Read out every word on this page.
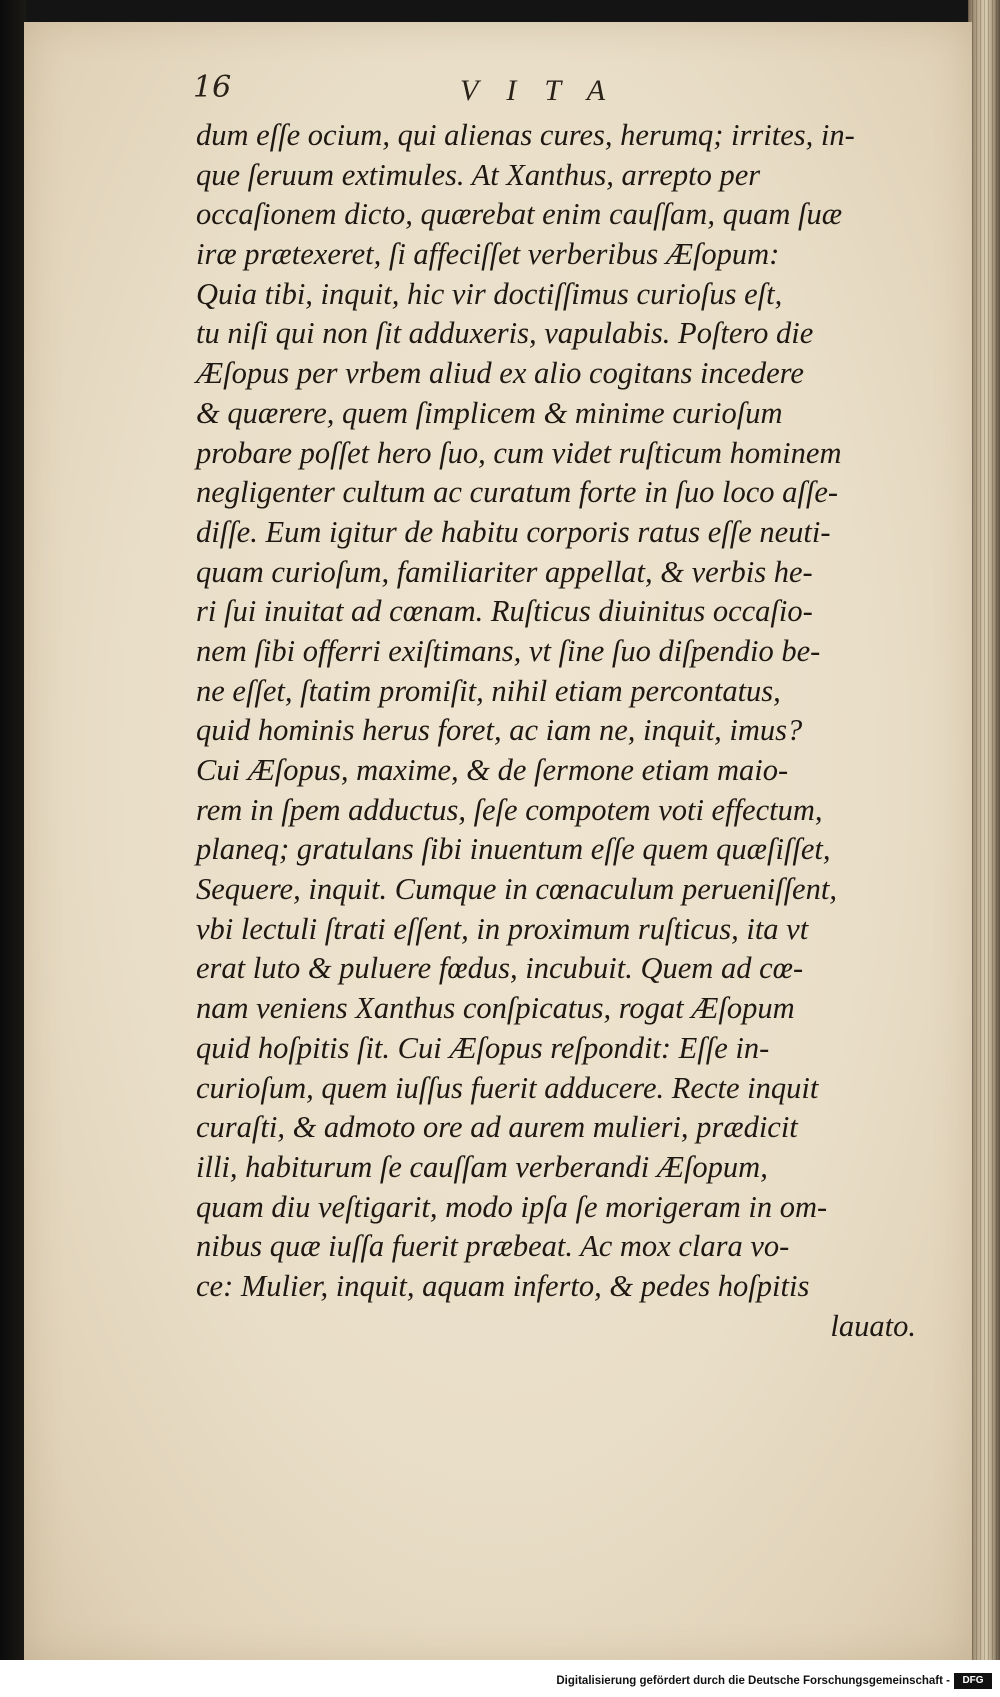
16	VITA

dum eſſe ocium, qui alienas cures, herumq; irrites, in-
que ſeruum extimules. At Xanthus, arrepto per
occaſionem dicto, quærebat enim cauſſam, quam ſuæ
iræ prætexeret, ſi affeciſſet verberibus Æſopum:
Quia tibi, inquit, hic vir doctiſſimus curioſus eſt,
tu niſi qui non ſit adduxeris, vapulabis. Poſtero die
Æſopus per vrbem aliud ex alio cogitans incedere
& quærere, quem ſimplicem & minime curioſum
probare poſſet hero ſuo, cum videt ruſticum hominem
negligenter cultum ac curatum forte in ſuo loco aſſe-
diſſe. Eum igitur de habitu corporis ratus eſſe neuti-
quam curioſum, familiariter appellat, & verbis he-
ri ſui inuitat ad cœnam. Ruſticus diuinitus occaſio-
nem ſibi offerri exiſtimans, vt ſine ſuo diſpendio be-
ne eſſet, ſtatim promiſit, nihil etiam percontatus,
quid hominis herus foret, ac iam ne, inquit, imus?
Cui Æſopus, maxime, & de ſermone etiam maio-
rem in ſpem adductus, ſeſe compotem voti effectum,
planeq; gratulans ſibi inuentum eſſe quem quæſiſſet,
Sequere, inquit. Cumque in cœnaculum perueniſſent,
vbi lectuli ſtrati eſſent, in proximum ruſticus, ita vt
erat luto & puluere fœdus, incubuit. Quem ad cœ-
nam veniens Xanthus conſpicatus, rogat Æſopum
quid hoſpitis ſit. Cui Æſopus reſpondit: Eſſe in-
curioſum, quem iuſſus fuerit adducere. Recte inquit
curaſti, & admoto ore ad aurem mulieri, prædicit
illi, habiturum ſe cauſſam verberandi Æſopum,
quam diu veſtigarit, modo ipſa ſe morigeram in om-
nibus quæ iuſſa fuerit præbeat. Ac mox clara vo-
ce: Mulier, inquit, aquam inferto, & pedes hoſpitis
lauato.

Digitalisierung gefördert durch die Deutsche Forschungsgemeinschaft -	DFG
